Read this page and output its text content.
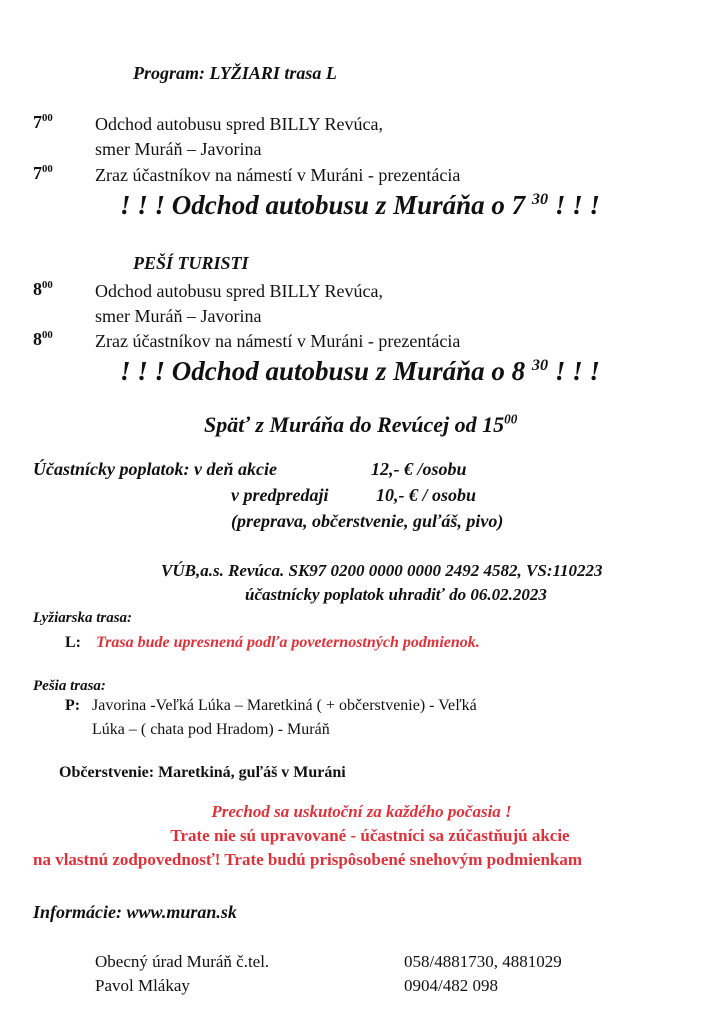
Program: LYŽIARI trasa L
$7^{00}$ Odchod autobusu spred BILLY Revúca,
smer Muráň – Javorina
$7^{00}$ Zraz účastníkov na námestí v Muráni - prezentácia
! ! ! Odchod autobusu z Muráňa o 7 $^{30}$ ! ! !
PEŠÍ TURISTI
$8^{00}$ Odchod autobusu spred BILLY Revúca,
smer Muráň – Javorina
$8^{00}$ Zraz účastníkov na námestí v Muráni - prezentácia
! ! ! Odchod autobusu z Muráňa o 8 $^{30}$ ! ! !
Späť z Muráňa do Revúcej od $15^{00}$
Účastnícky poplatok: v deň akcie	12,- € /osobu
v predpredaji	10,- € / osobu
(preprava, občerstvenie, guľáš, pivo)
VÚB,a.s. Revúca. SK97 0200 0000 0000 2492 4582, VS:110223
účastnícky poplatok uhradiť do 06.02.2023
Lyžiarska trasa:
L: Trasa bude upresnená podľa poveternostných podmienok.
Pešia trasa:
P: Javorina -Veľká Lúka – Maretkiná ( + občerstvenie) - Veľká
Lúka – ( chata pod Hradom) - Muráň
Občerstvenie: Maretkiná, guľáš v Muráni
Prechod sa uskutoční za každého počasia !
Trate nie sú upravované - účastníci sa zúčastňujú akcie
na vlastnú zodpovednosť! Trate budú prispôsobené snehovým podmienkam
Informácie: www.muran.sk
Obecný úrad Muráň č.tel.	058/4881730, 4881029
Pavol Mlákay	0904/482 098
